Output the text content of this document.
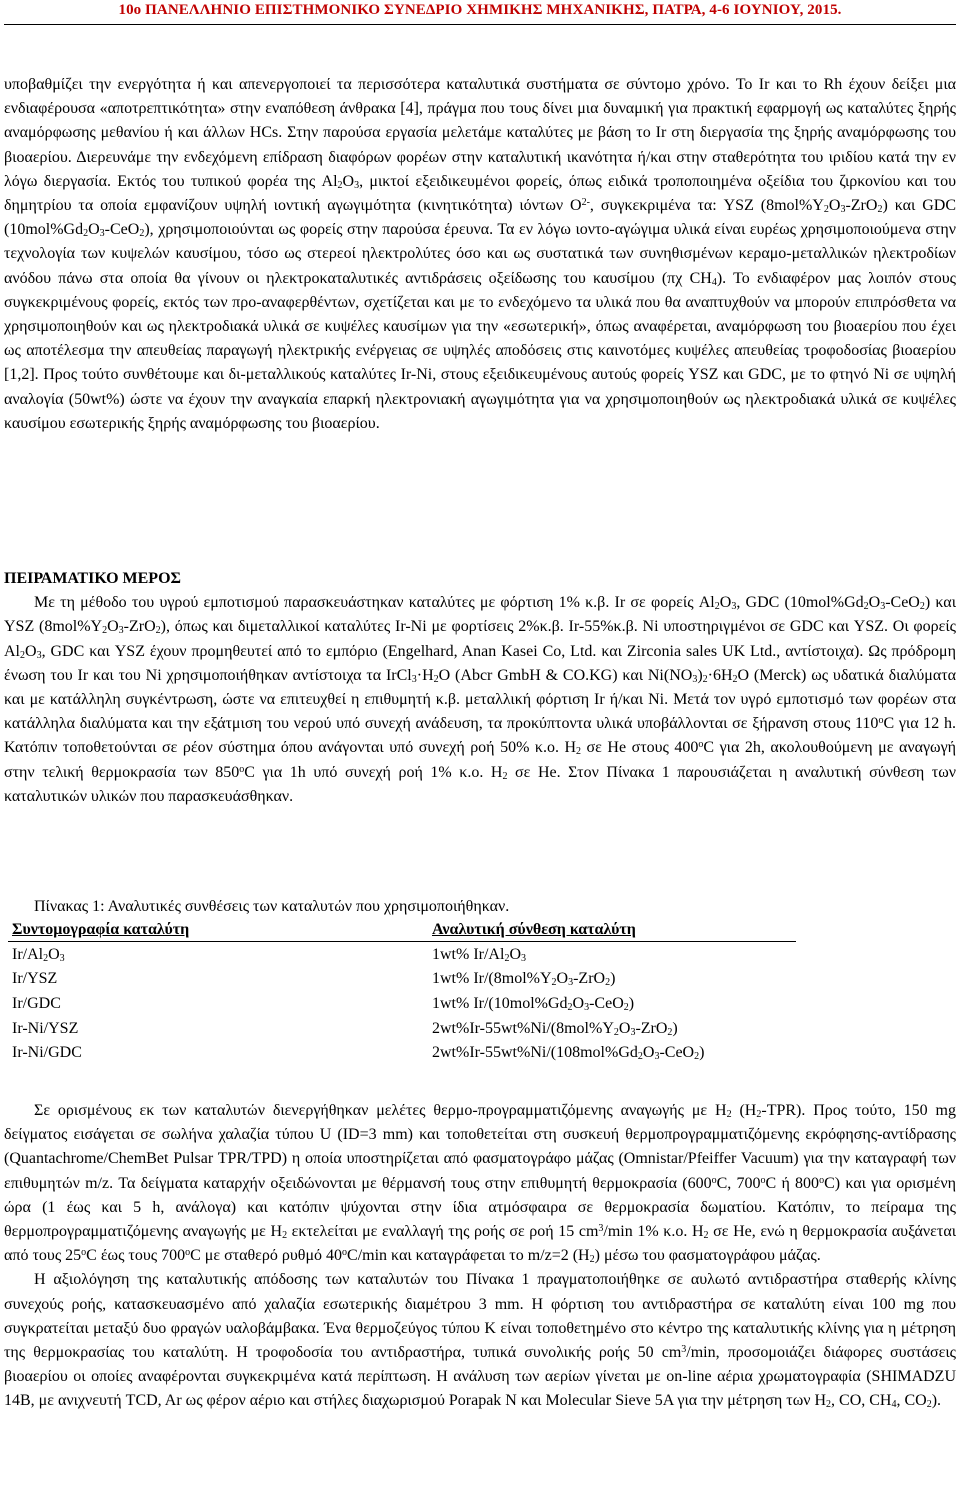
10ο ΠΑΝΕΛΛΗΝΙΟ ΕΠΙΣΤΗΜΟΝΙΚΟ ΣΥΝΕΔΡΙΟ ΧΗΜΙΚΗΣ ΜΗΧΑΝΙΚΗΣ, ΠΑΤΡΑ, 4-6 ΙΟΥΝΙΟΥ, 2015.

υποβαθμίζει την ενεργότητα ή και απενεργοποιεί τα περισσότερα καταλυτικά συστήματα σε σύντομο χρόνο. Το Ir και το Rh έχουν δείξει μια ενδιαφέρουσα «αποτρεπτικότητα» στην εναπόθεση άνθρακα [4], πράγμα που τους δίνει μια δυναμική για πρακτική εφαρμογή ως καταλύτες ξηρής αναμόρφωσης μεθανίου ή και άλλων HCs. Στην παρούσα εργασία μελετάμε καταλύτες με βάση το Ir στη διεργασία της ξηρής αναμόρφωσης του βιοαερίου. Διερευνάμε την ενδεχόμενη επίδραση διαφόρων φορέων στην καταλυτική ικανότητα ή/και στην σταθερότητα του ιριδίου κατά την εν λόγω διεργασία. Εκτός του τυπικού φορέα της $Al_2O_3$, μικτοί εξειδικευμένοι φορείς, όπως ειδικά τροποποιημένα οξείδια του ζιρκονίου και του δημητρίου τα οποία εμφανίζουν υψηλή ιοντική αγωγιμότητα (κινητικότητα) ιόντων $O^{2-}$, συγκεκριμένα τα: YSZ $(8mol\%Y_2O_3-ZrO_2)$ και GDC $(10mol\%Gd_2O_3-CeO_2)$, χρησιμοποιούνται ως φορείς στην παρούσα έρευνα. Τα εν λόγω ιοντο-αγώγιμα υλικά είναι ευρέως χρησιμοποιούμενα στην τεχνολογία των κυψελών καυσίμου, τόσο ως στερεοί ηλεκτρολύτες όσο και ως συστατικά των συνηθισμένων κεραμο-μεταλλικών ηλεκτροδίων ανόδου πάνω στα οποία θα γίνουν οι ηλεκτροκαταλυτικές αντιδράσεις οξείδωσης του καυσίμου (πχ $CH_4$). Το ενδιαφέρον μας λοιπόν στους συγκεκριμένους φορείς, εκτός των προ-αναφερθέντων, σχετίζεται και με το ενδεχόμενο τα υλικά που θα αναπτυχθούν να μπορούν επιπρόσθετα να χρησιμοποιηθούν και ως ηλεκτροδιακά υλικά σε κυψέλες καυσίμων για την «εσωτερική», όπως αναφέρεται, αναμόρφωση του βιοαερίου που έχει ως αποτέλεσμα την απευθείας παραγωγή ηλεκτρικής ενέργειας σε υψηλές αποδόσεις στις καινοτόμες κυψέλες απευθείας τροφοδοσίας βιοαερίου [1,2]. Προς τούτο συνθέτουμε και δι-μεταλλικούς καταλύτες Ir-Ni, στους εξειδικευμένους αυτούς φορείς YSZ και GDC, με το φτηνό Ni σε υψηλή αναλογία (50wt%) ώστε να έχουν την αναγκαία επαρκή ηλεκτρονιακή αγωγιμότητα για να χρησιμοποιηθούν ως ηλεκτροδιακά υλικά σε κυψέλες καυσίμου εσωτερικής ξηρής αναμόρφωσης του βιοαερίου.

ΠΕΙΡΑΜΑΤΙΚΟ ΜΕΡΟΣ

Με τη μέθοδο του υγρού εμποτισμού παρασκευάστηκαν καταλύτες με φόρτιση 1% κ.β. Ir σε φορείς $Al_2O_3$, GDC $(10mol\%Gd_2O_3-CeO_2)$ και YSZ $(8mol\%Y_2O_3-ZrO_2)$, όπως και διμεταλλικοί καταλύτες Ir-Ni με φορτίσεις 2%κ.β. Ir-55%κ.β. Ni υποστηριγμένοι σε GDC και YSZ. Οι φορείς $Al_2O_3$, GDC και YSZ έχουν προμηθευτεί από το εμπόριο (Engelhard, Anan Kasei Co, Ltd. και Zirconia sales UK Ltd., αντίστοιχα). Ως πρόδρομη ένωση του Ir και του Ni χρησιμοποιήθηκαν αντίστοιχα τα $IrCl_3\cdot H_2O$ (Abcr GmbH & CO.KG) και $Ni(NO_3)_2\cdot 6H_2O$ (Merck) ως υδατικά διαλύματα και με κατάλληλη συγκέντρωση, ώστε να επιτευχθεί η επιθυμητή κ.β. μεταλλική φόρτιση Ir ή/και Ni. Μετά τον υγρό εμποτισμό των φορέων στα κατάλληλα διαλύματα και την εξάτμιση του νερού υπό συνεχή ανάδευση, τα προκύπτοντα υλικά υποβάλλονται σε ξήρανση στους 110$^o$C για 12 h. Κατόπιν τοποθετούνται σε ρέον σύστημα όπου ανάγονται υπό συνεχή ροή 50% κ.ο. $H_2$ σε He στους 400$^o$C για 2h, ακολουθούμενη με αναγωγή στην τελική θερμοκρασία των 850$^o$C για 1h υπό συνεχή ροή 1% κ.ο. $H_2$ σε He. Στον Πίνακα 1 παρουσιάζεται η αναλυτική σύνθεση των καταλυτικών υλικών που παρασκευάσθηκαν.

Πίνακας 1: Αναλυτικές συνθέσεις των καταλυτών που χρησιμοποιήθηκαν.
Συντομογραφία καταλύτη	Αναλυτική σύνθεση καταλύτη
$Ir/Al_2O_3$	1wt% $Ir/Al_2O_3$
Ir/YSZ	1wt% $Ir/(8mol\%Y_2O_3-ZrO_2)$
Ir/GDC	1wt% $Ir/(10mol\%Gd_2O_3-CeO_2)$
Ir-Ni/YSZ	$2wt\%Ir-55wt\%Ni/(8mol\%Y_2O_3-ZrO_2)$
Ir-Ni/GDC	$2wt\%Ir-55wt\%Ni/(108mol\%Gd_2O_3-CeO_2)$

Σε ορισμένους εκ των καταλυτών διενεργήθηκαν μελέτες θερμο-προγραμματιζόμενης αναγωγής με $H_2$ $(H_2-TPR)$. Προς τούτο, 150 mg δείγματος εισάγεται σε σωλήνα χαλαζία τύπου U (ID=3 mm) και τοποθετείται στη συσκευή θερμοπρογραμματιζόμενης εκρόφησης-αντίδρασης (Quantachrome/ChemBet Pulsar TPR/TPD) η οποία υποστηρίζεται από φασματογράφο μάζας (Omnistar/Pfeiffer Vacuum) για την καταγραφή των επιθυμητών m/z. Τα δείγματα καταρχήν οξειδώνονται με θέρμανσή τους στην επιθυμητή θερμοκρασία (600$^o$C, 700$^o$C ή 800$^o$C) και για ορισμένη ώρα (1 έως και 5 h, ανάλογα) και κατόπιν ψύχονται στην ίδια ατμόσφαιρα σε θερμοκρασία δωματίου. Κατόπιν, το πείραμα της θερμοπρογραμματιζόμενης αναγωγής με $H_2$ εκτελείται με εναλλαγή της ροής σε ροή 15 $cm^3/\min$ 1% κ.ο. $H_2$ σε He, ενώ η θερμοκρασία αυξάνεται από τους 25$^o$C έως τους 700$^o$C με σταθερό ρυθμό 40$^o$C/min και καταγράφεται το m/z=2 $(H_2)$ μέσω του φασματογράφου μάζας.

Η αξιολόγηση της καταλυτικής απόδοσης των καταλυτών του Πίνακα 1 πραγματοποιήθηκε σε αυλωτό αντιδραστήρα σταθερής κλίνης συνεχούς ροής, κατασκευασμένο από χαλαζία εσωτερικής διαμέτρου 3 mm. Η φόρτιση του αντιδραστήρα σε καταλύτη είναι 100 mg που συγκρατείται μεταξύ δυο φραγών υαλοβάμβακα. Ένα θερμοζεύγος τύπου K είναι τοποθετημένο στο κέντρο της καταλυτικής κλίνης για η μέτρηση της θερμοκρασίας του καταλύτη. Η τροφοδοσία του αντιδραστήρα, τυπικά συνολικής ροής 50 $cm^3/\min$, προσομοιάζει διάφορες συστάσεις βιοαερίου οι οποίες αναφέρονται συγκεκριμένα κατά περίπτωση. Η ανάλυση των αερίων γίνεται με on-line αέρια χρωματογραφία (SHIMADZU 14B, με ανιχνευτή TCD, Ar ως φέρον αέριο και στήλες διαχωρισμού Porapak N και Molecular Sieve 5A για την μέτρηση των $H_2$, CO, $CH_4$, $CO_2$).
